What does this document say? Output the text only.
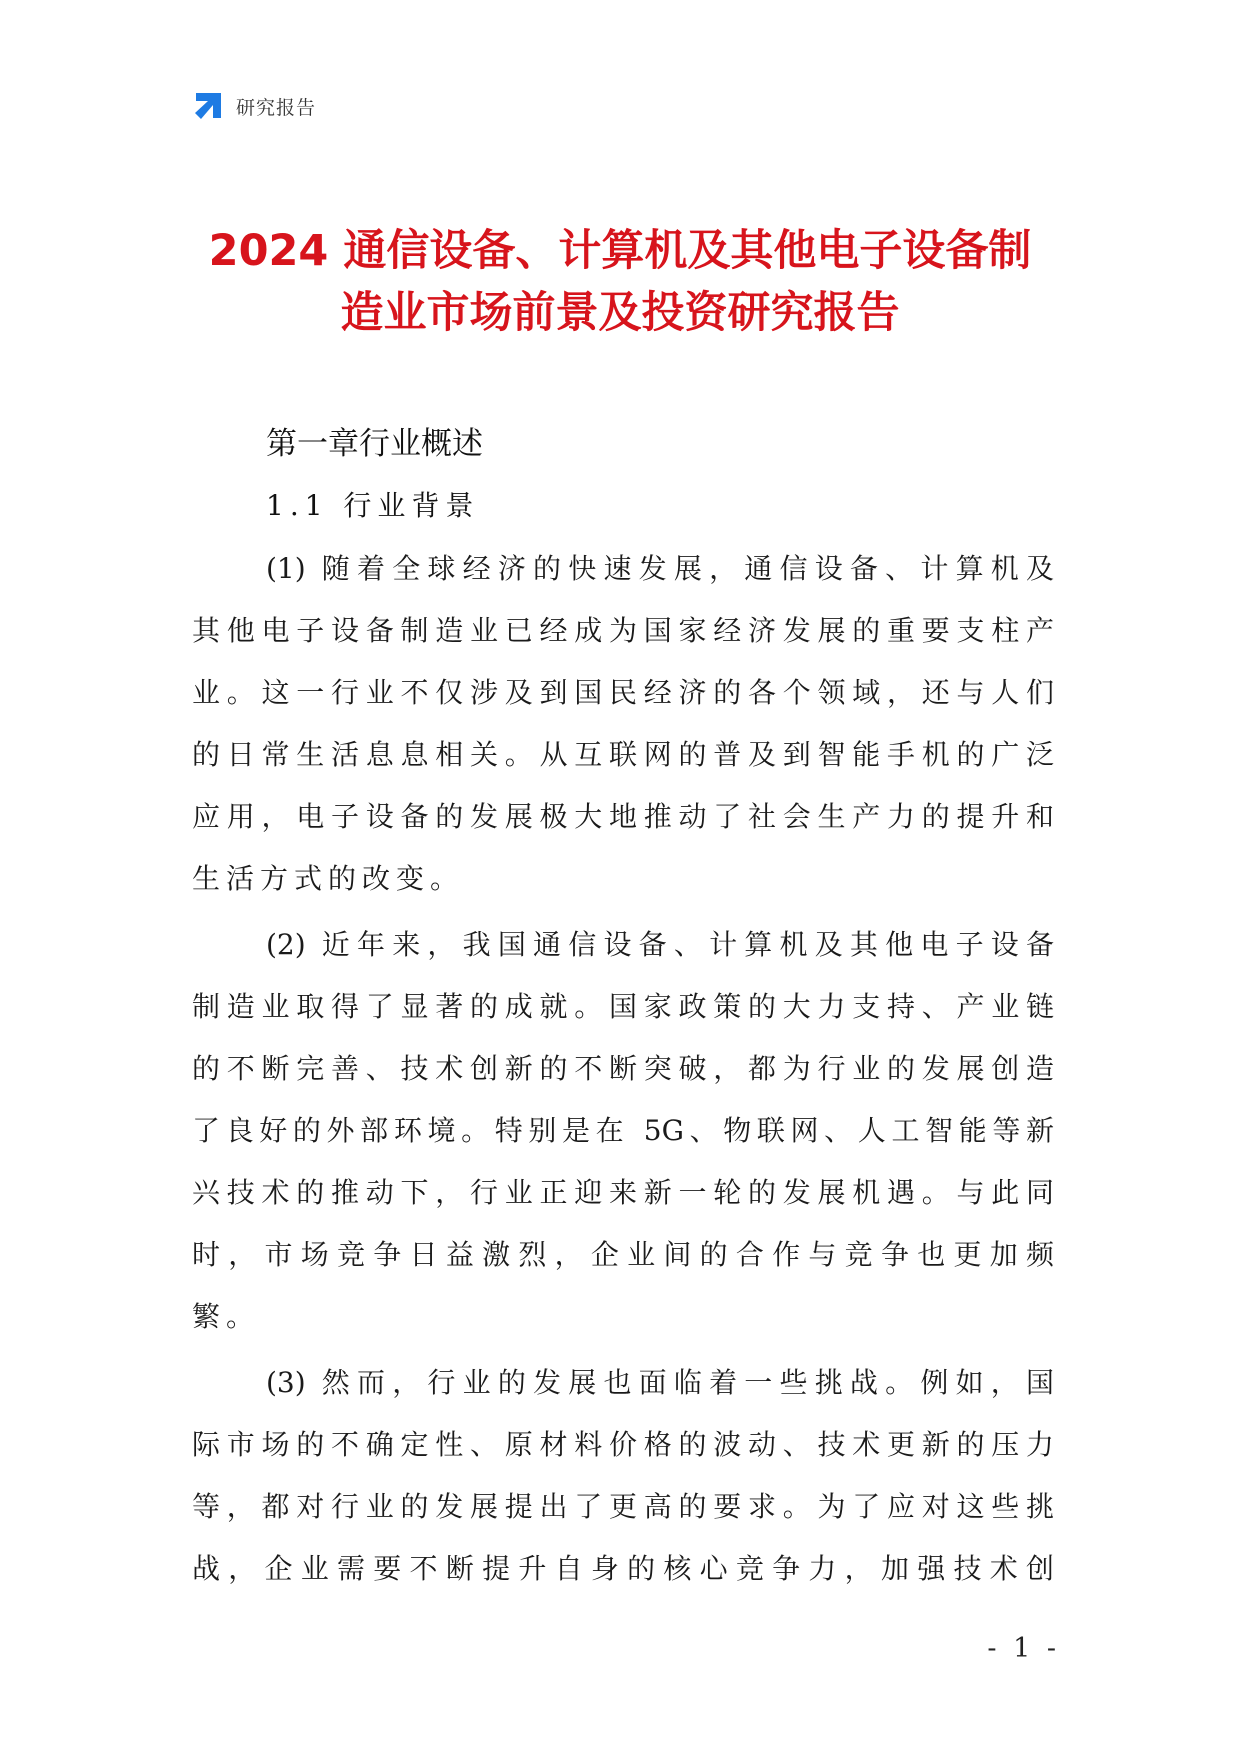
研究报告
2024 通信设备、计算机及其他电子设备制
造业市场前景及投资研究报告
第一章行业概述
1.1 行业背景
(1) 随着全球经济的快速发展，通信设备、计算机及
其他电子设备制造业已经成为国家经济发展的重要支柱产
业。这一行业不仅涉及到国民经济的各个领域，还与人们
的日常生活息息相关。从互联网的普及到智能手机的广泛
应用，电子设备的发展极大地推动了社会生产力的提升和
生活方式的改变。
(2) 近年来，我国通信设备、计算机及其他电子设备
制造业取得了显著的成就。国家政策的大力支持、产业链
的不断完善、技术创新的不断突破，都为行业的发展创造
了良好的外部环境。特别是在 5G、物联网、人工智能等新
兴技术的推动下，行业正迎来新一轮的发展机遇。与此同
时，市场竞争日益激烈，企业间的合作与竞争也更加频
繁。
(3) 然而，行业的发展也面临着一些挑战。例如，国
际市场的不确定性、原材料价格的波动、技术更新的压力
等，都对行业的发展提出了更高的要求。为了应对这些挑
战，企业需要不断提升自身的核心竞争力，加强技术创
- 1 -
